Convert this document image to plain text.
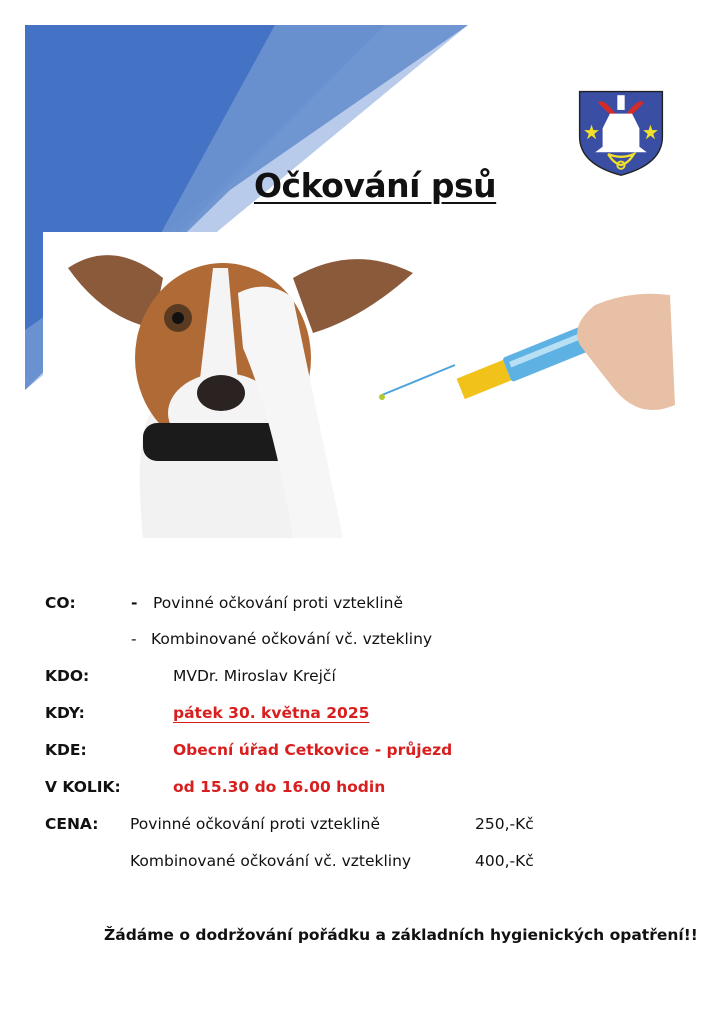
Očkování psů
CO:	- Povinné očkování proti vzteklině
- Kombinované očkování vč. vztekliny
KDO:	MVDr. Miroslav Krejčí
KDY:	pátek 30. května 2025
KDE:	Obecní úřad Cetkovice - průjezd
V KOLIK:	od 15.30 do 16.00 hodin
CENA: Povinné očkování proti vzteklině	250,-Kč
Kombinované očkování vč. vztekliny	400,-Kč
Žádáme o dodržování pořádku a základních hygienických opatření!!
